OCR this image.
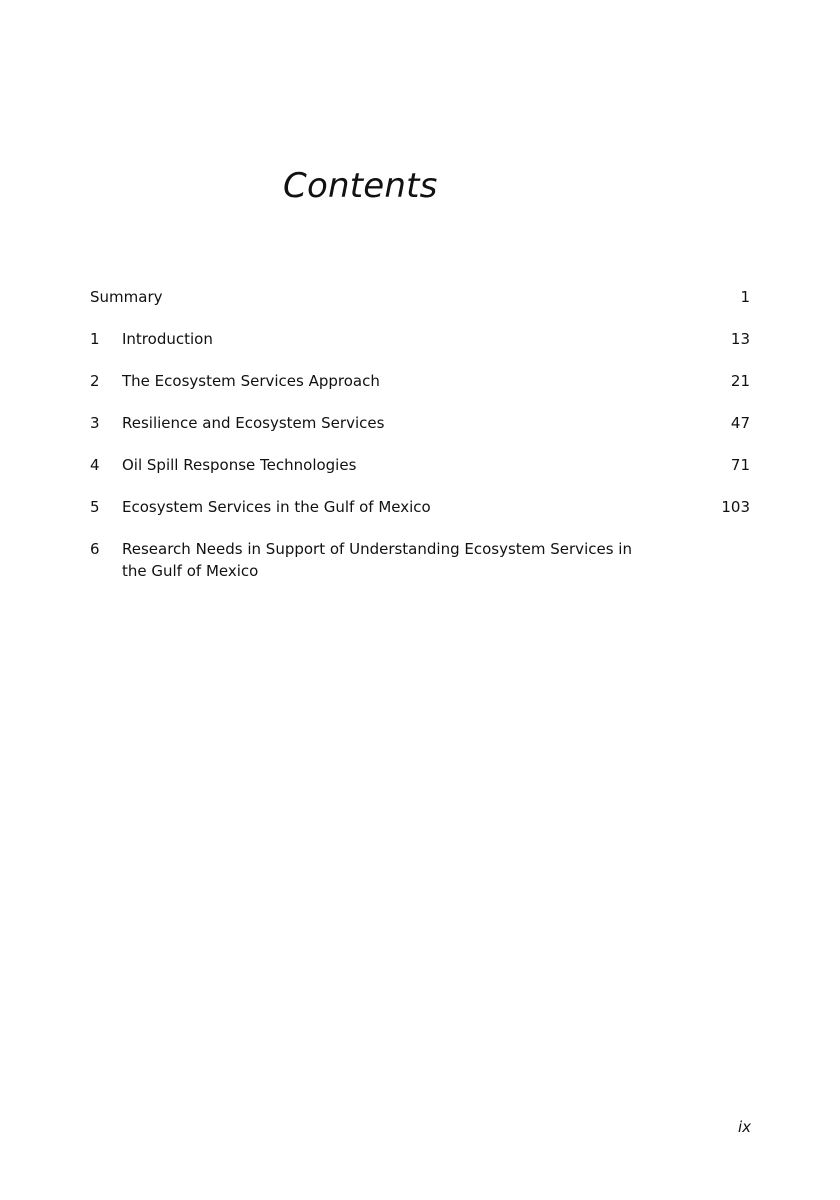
Contents
Summary	1
1	Introduction	13
2	The Ecosystem Services Approach	21
3	Resilience and Ecosystem Services	47
4	Oil Spill Response Technologies	71
5	Ecosystem Services in the Gulf of Mexico	103
6	Research Needs in Support of Understanding Ecosystem Services in the Gulf of Mexico
ix
